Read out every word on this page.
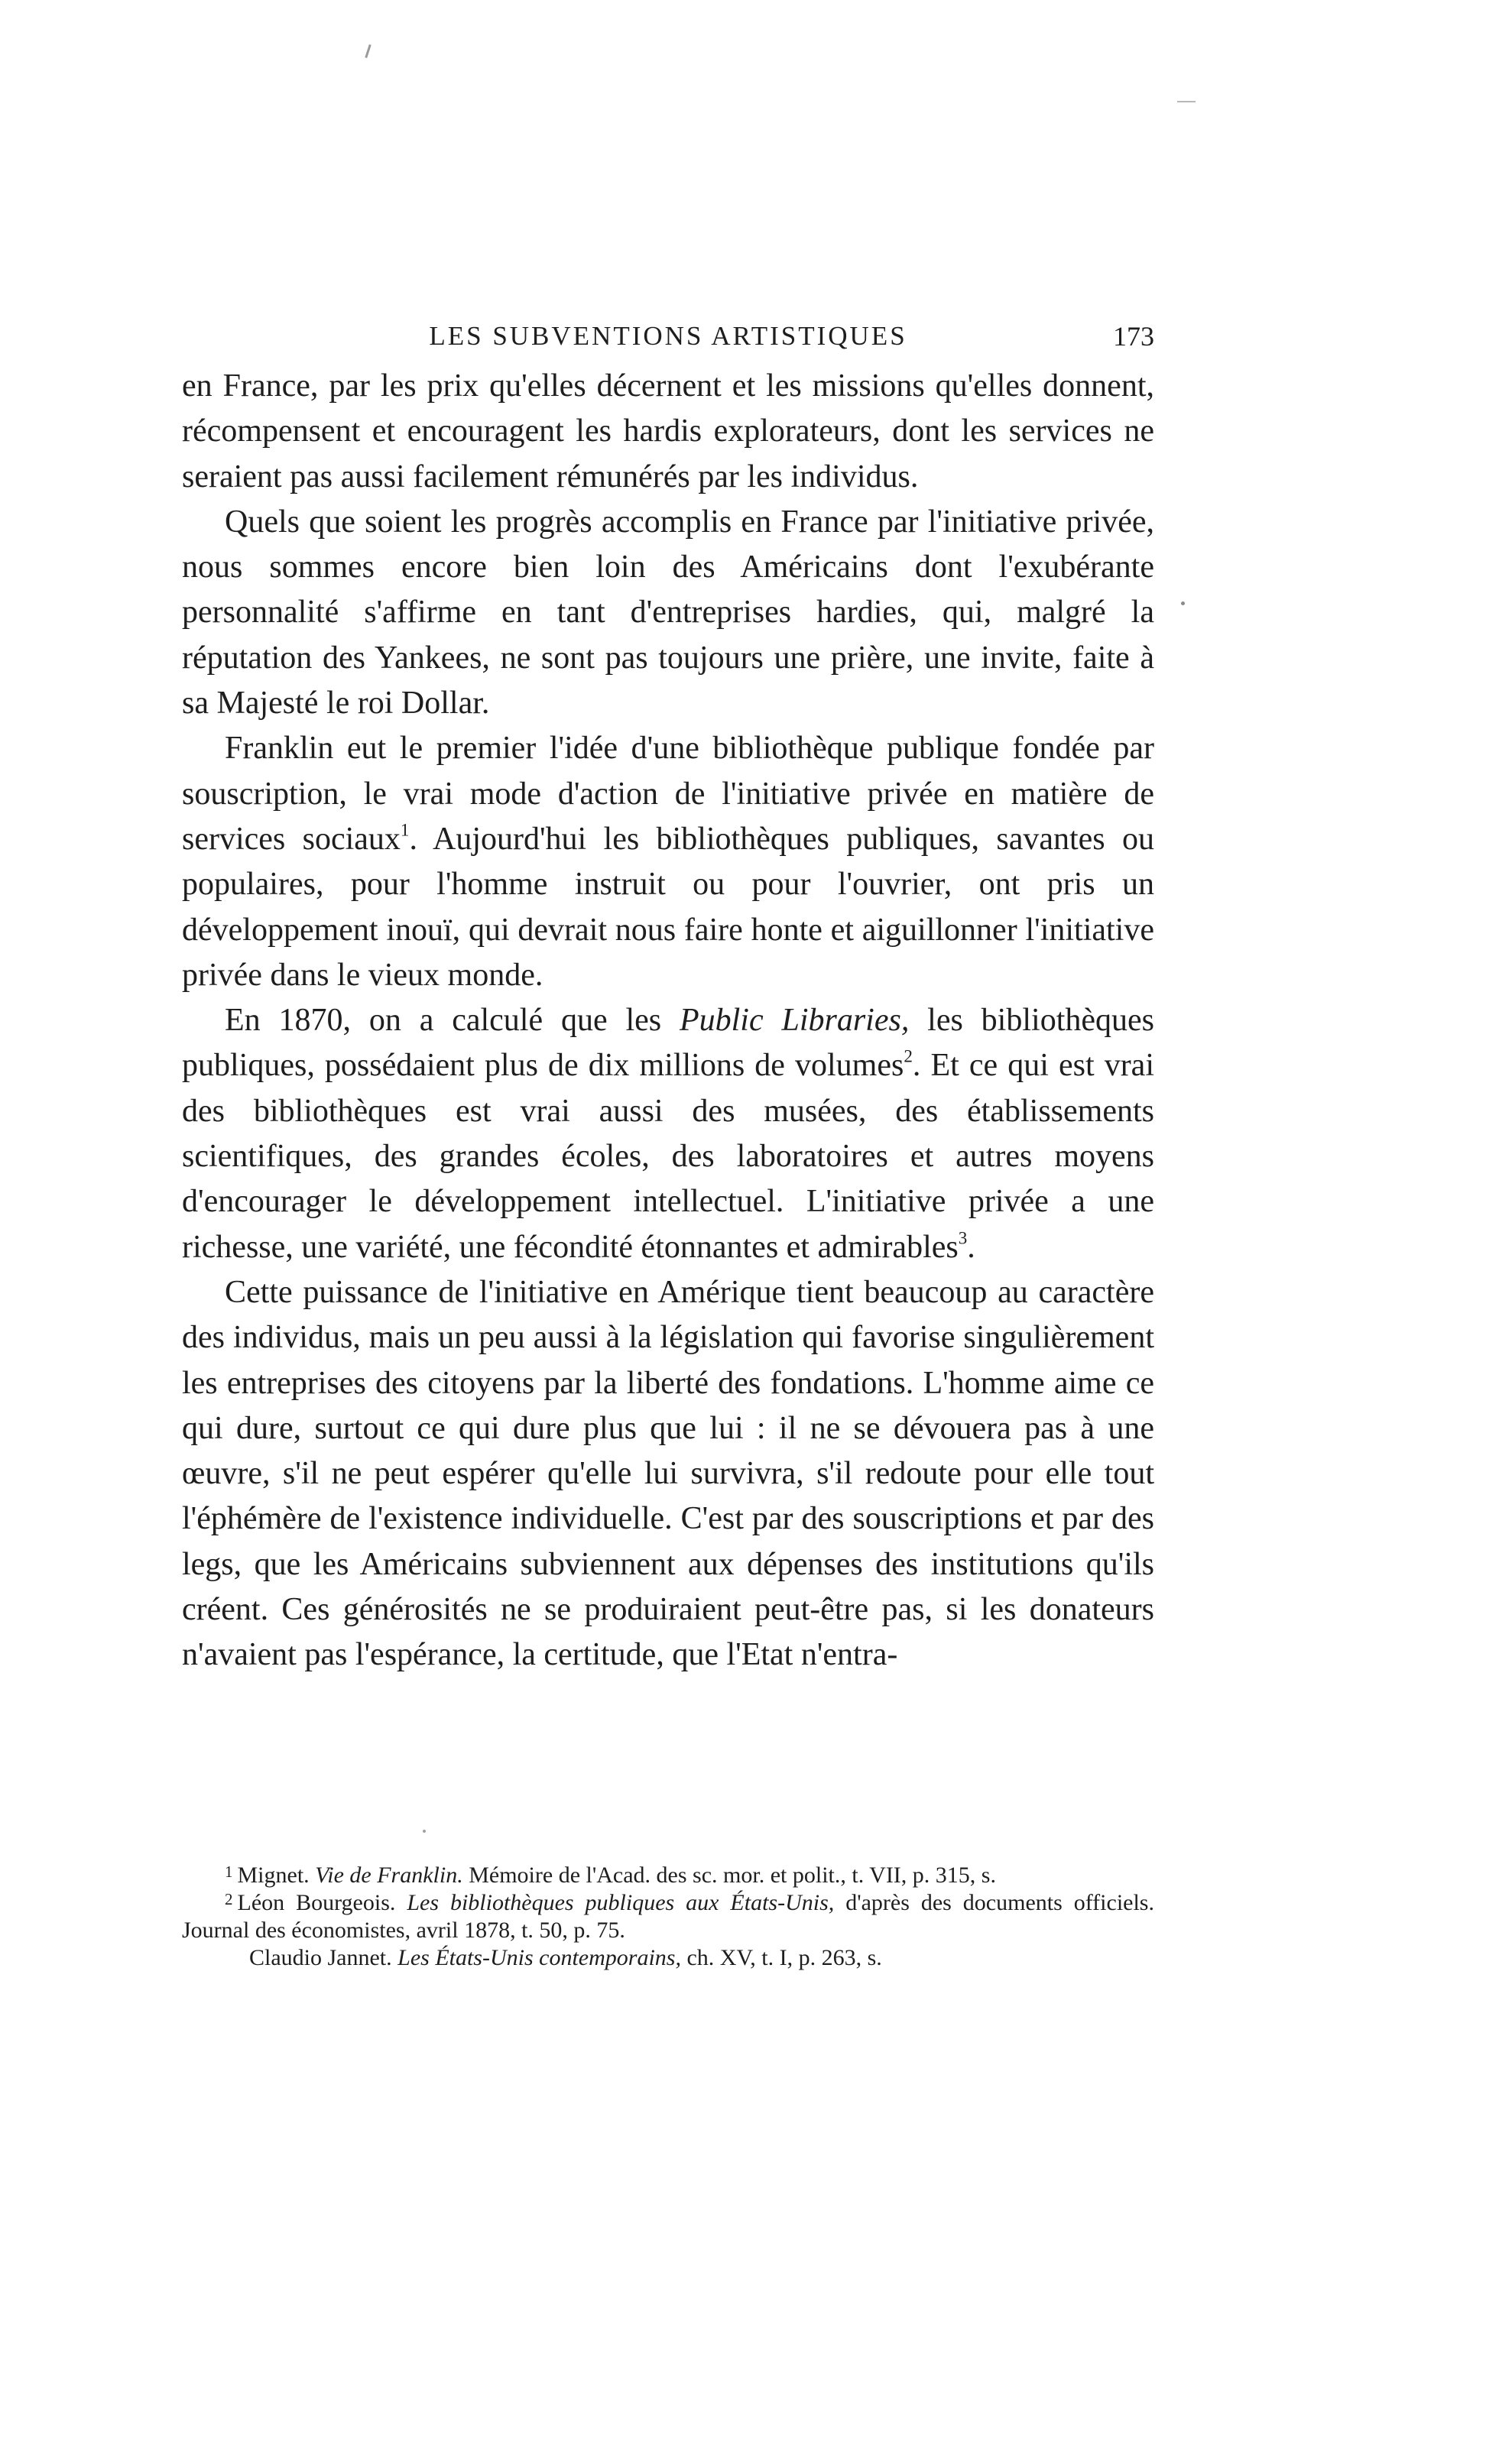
LES SUBVENTIONS ARTISTIQUES	173

en France, par les prix qu'elles décernent et les missions qu'elles donnent, récompensent et encouragent les hardis explorateurs, dont les services ne seraient pas aussi facilement rémunérés par les individus.

Quels que soient les progrès accomplis en France par l'initiative privée, nous sommes encore bien loin des Américains dont l'exubérante personnalité s'affirme en tant d'entreprises hardies, qui, malgré la réputation des Yankees, ne sont pas toujours une prière, une invite, faite à sa Majesté le roi Dollar.

Franklin eut le premier l'idée d'une bibliothèque publique fondée par souscription, le vrai mode d'action de l'initiative privée en matière de services sociaux$^1$. Aujourd'hui les bibliothèques publiques, savantes ou populaires, pour l'homme instruit ou pour l'ouvrier, ont pris un développement inouï, qui devrait nous faire honte et aiguillonner l'initiative privée dans le vieux monde.

En 1870, on a calculé que les Public Libraries, les bibliothèques publiques, possédaient plus de dix millions de volumes$^2$. Et ce qui est vrai des bibliothèques est vrai aussi des musées, des établissements scientifiques, des grandes écoles, des laboratoires et autres moyens d'encourager le développement intellectuel. L'initiative privée a une richesse, une variété, une fécondité étonnantes et admirables$^3$.

Cette puissance de l'initiative en Amérique tient beaucoup au caractère des individus, mais un peu aussi à la législation qui favorise singulièrement les entreprises des citoyens par la liberté des fondations. L'homme aime ce qui dure, surtout ce qui dure plus que lui : il ne se dévouera pas à une œuvre, s'il ne peut espérer qu'elle lui survivra, s'il redoute pour elle tout l'éphémère de l'existence individuelle. C'est par des souscriptions et par des legs, que les Américains subviennent aux dépenses des institutions qu'ils créent. Ces générosités ne se produiraient peut-être pas, si les donateurs n'avaient pas l'espérance, la certitude, que l'Etat n'entra-

$^1$ Mignet. Vie de Franklin. Mémoire de l'Acad. des sc. mor. et polit., t. VII, p. 315, s.

$^2$ Léon Bourgeois. Les bibliothèques publiques aux États-Unis, d'après des documents officiels. Journal des économistes, avril 1878, t. 50, p. 75.

Claudio Jannet. Les États-Unis contemporains, ch. XV, t. I, p. 263, s.
